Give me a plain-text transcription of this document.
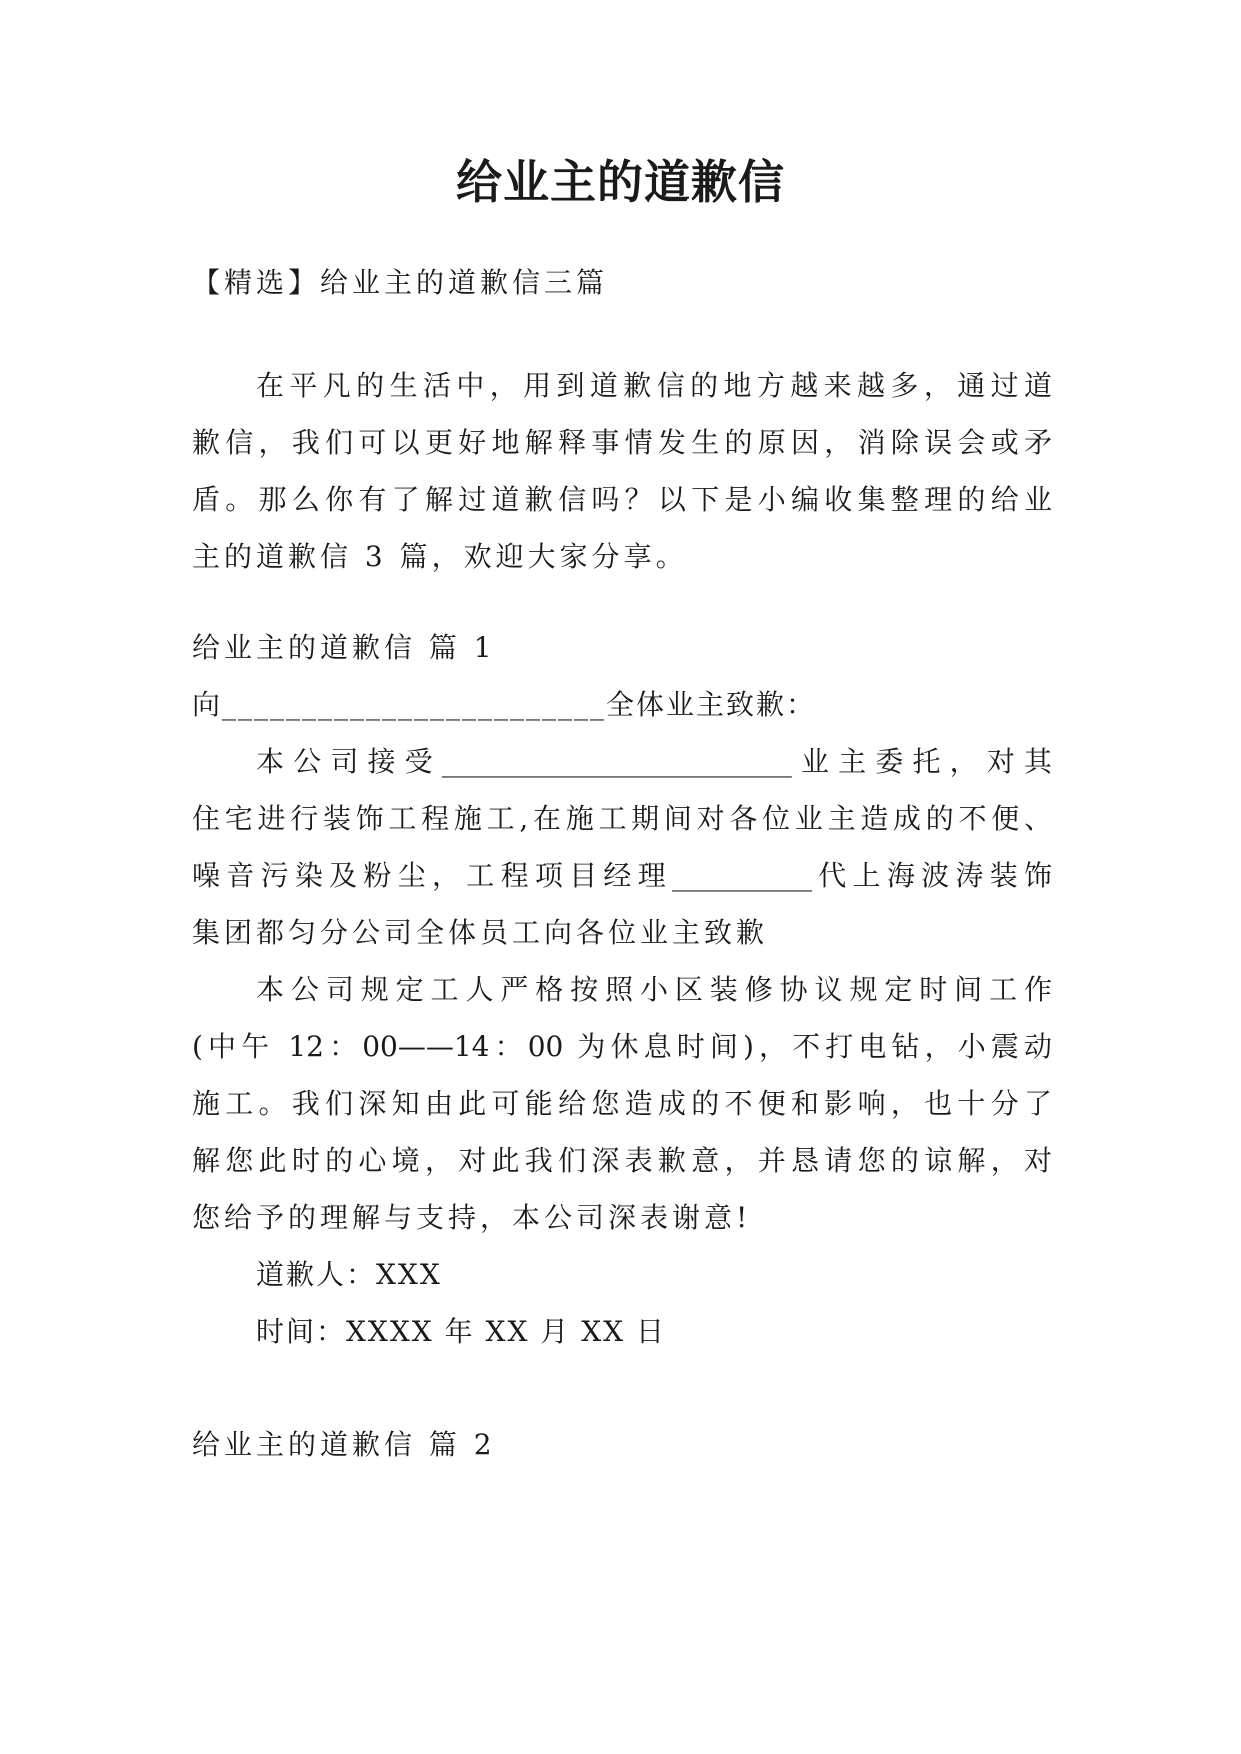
给业主的道歉信

【精选】给业主的道歉信三篇

在平凡的生活中，用到道歉信的地方越来越多，通过道

歉信，我们可以更好地解释事情发生的原因，消除误会或矛

盾。那么你有了解过道歉信吗？以下是小编收集整理的给业

主的道歉信 3 篇，欢迎大家分享。

给业主的道歉信 篇 1

向________________________全体业主致歉：

本公司接受_________________________业主委托，对其

住宅进行装饰工程施工,在施工期间对各位业主造成的不便、

噪音污染及粉尘，工程项目经理__________代上海波涛装饰

集团都匀分公司全体员工向各位业主致歉

本公司规定工人严格按照小区装修协议规定时间工作

(中午 12：00——14：00 为休息时间)，不打电钻，小震动

施工。我们深知由此可能给您造成的不便和影响，也十分了

解您此时的心境，对此我们深表歉意，并恳请您的谅解，对

您给予的理解与支持，本公司深表谢意!

道歉人：XXX

时间：XXXX 年 XX 月 XX 日

给业主的道歉信 篇 2
